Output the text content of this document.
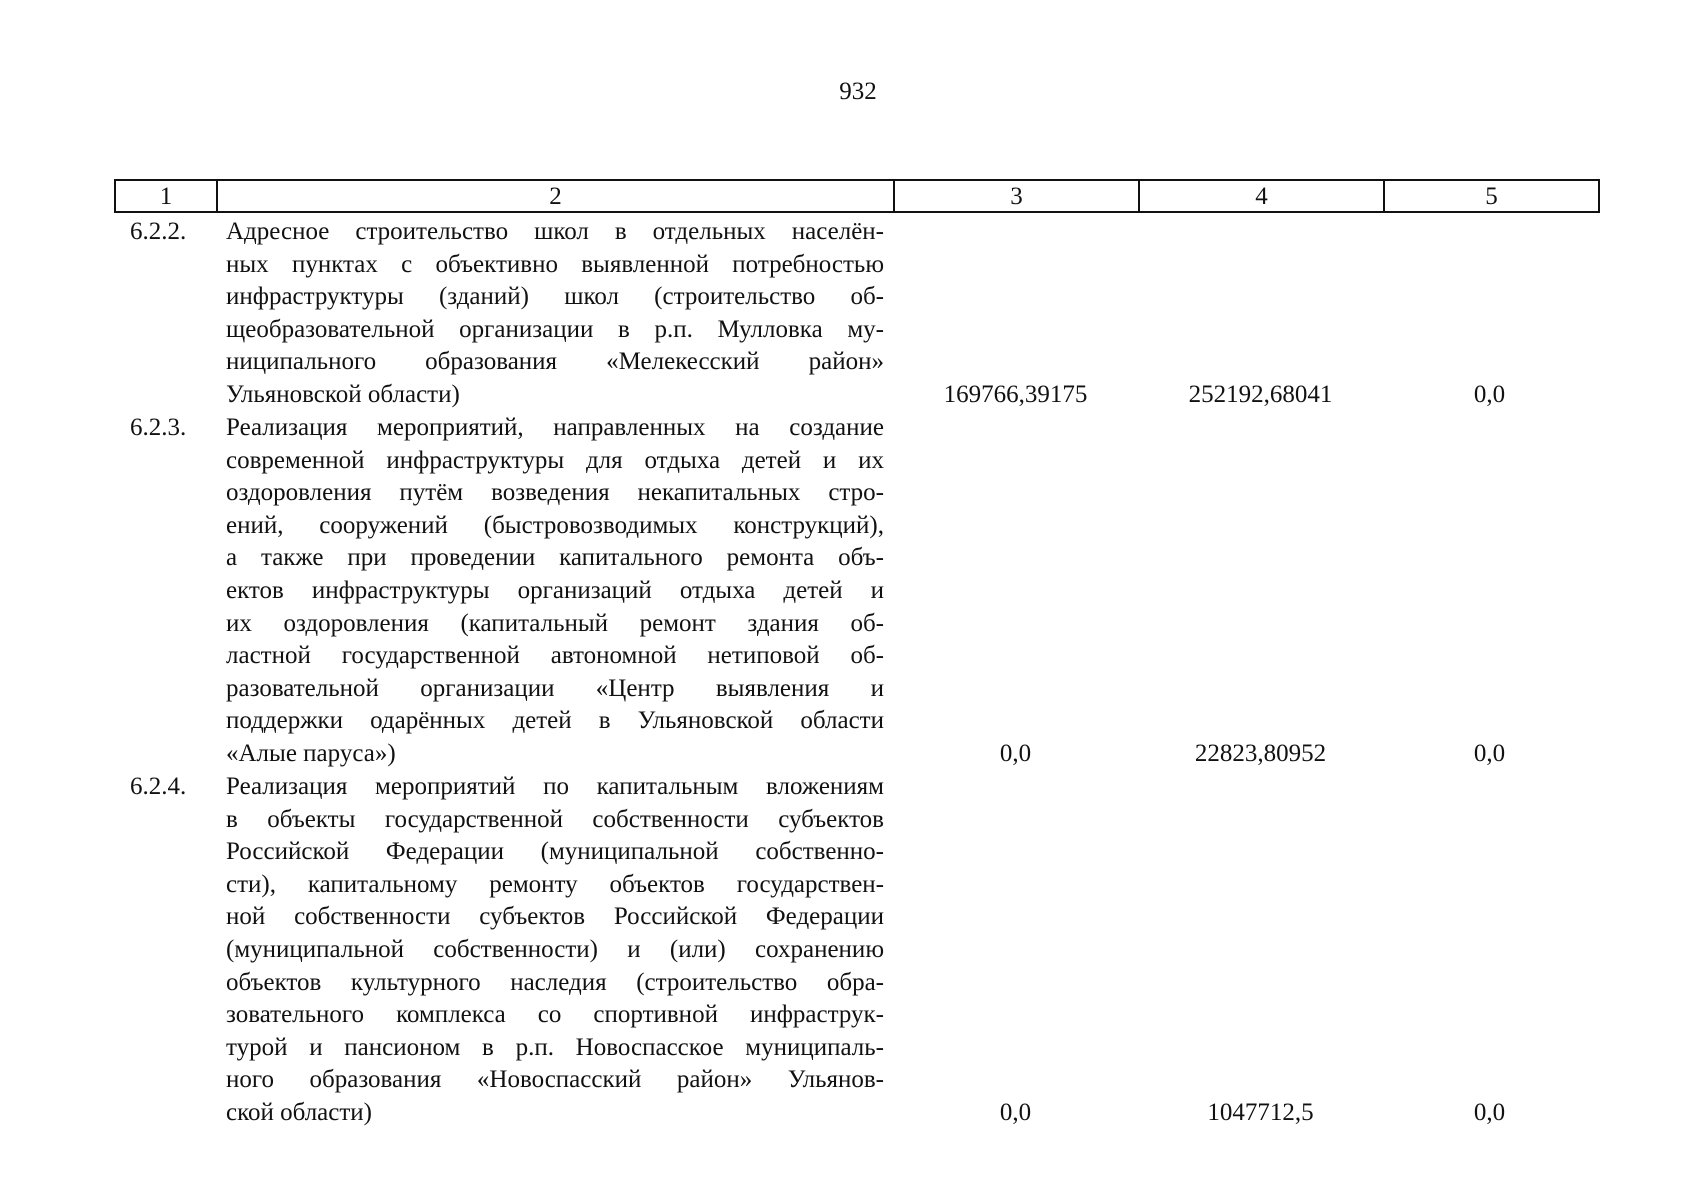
932
1	2	3	4	5
6.2.2. Адресное строительство школ в отдельных населён-
ных пунктах с объективно выявленной потребностью
инфраструктуры (зданий) школ (строительство об-
щеобразовательной организации в р.п. Мулловка му-
ниципального образования «Мелекесский район»
Ульяновской области)	169766,39175	252192,68041	0,0
6.2.3. Реализация мероприятий, направленных на создание
современной инфраструктуры для отдыха детей и их
оздоровления путём возведения некапитальных стро-
ений, сооружений (быстровозводимых конструкций),
а также при проведении капитального ремонта объ-
ектов инфраструктуры организаций отдыха детей и
их оздоровления (капитальный ремонт здания об-
ластной государственной автономной нетиповой об-
разовательной организации «Центр выявления и
поддержки одарённых детей в Ульяновской области
«Алые паруса»)	0,0	22823,80952	0,0
6.2.4. Реализация мероприятий по капитальным вложениям
в объекты государственной собственности субъектов
Российской Федерации (муниципальной собственно-
сти), капитальному ремонту объектов государствен-
ной собственности субъектов Российской Федерации
(муниципальной собственности) и (или) сохранению
объектов культурного наследия (строительство обра-
зовательного комплекса со спортивной инфраструк-
турой и пансионом в р.п. Новоспасское муниципаль-
ного образования «Новоспасский район» Ульянов-
ской области)	0,0	1047712,5	0,0
